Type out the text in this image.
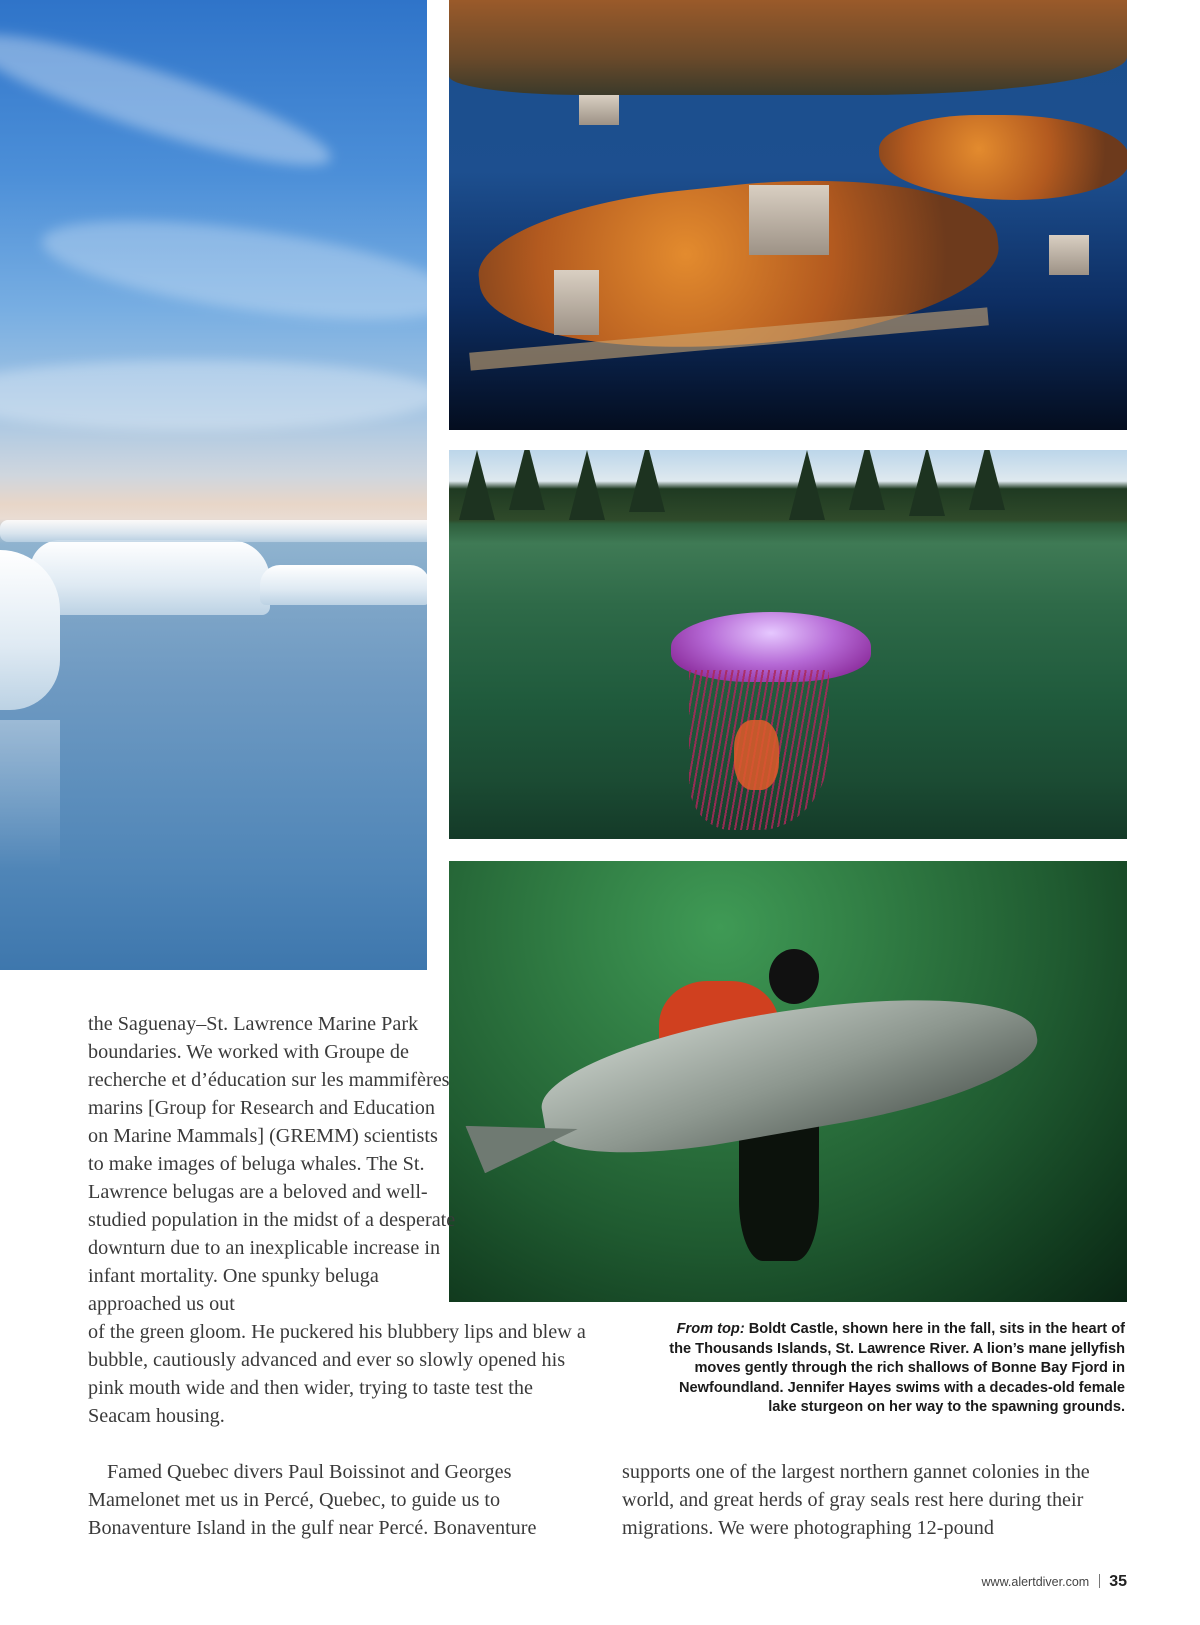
From top: Boldt Castle, shown here in the fall, sits in the heart of the Thousands Islands, St. Lawrence River. A lion’s mane jellyfish moves gently through the rich shallows of Bonne Bay Fjord in Newfoundland. Jennifer Hayes swims with a decades-old female lake sturgeon on her way to the spawning grounds.

the Saguenay–St. Lawrence Marine Park boundaries. We worked with Groupe de recherche et d’éducation sur les mammifères marins [Group for Research and Education on Marine Mammals] (GREMM) scientists to make images of beluga whales. The St. Lawrence belugas are a beloved and well-studied population in the midst of a desperate downturn due to an inexplicable increase in infant mortality. One spunky beluga approached us out

of the green gloom. He puckered his blubbery lips and blew a bubble, cautiously advanced and ever so slowly opened his pink mouth wide and then wider, trying to taste test the Seacam housing.

Famed Quebec divers Paul Boissinot and Georges Mamelonet met us in Percé, Quebec, to guide us to Bonaventure Island in the gulf near Percé. Bonaventure

supports one of the largest northern gannet colonies in the world, and great herds of gray seals rest here during their migrations. We were photographing 12-pound

www.alertdiver.com 35
